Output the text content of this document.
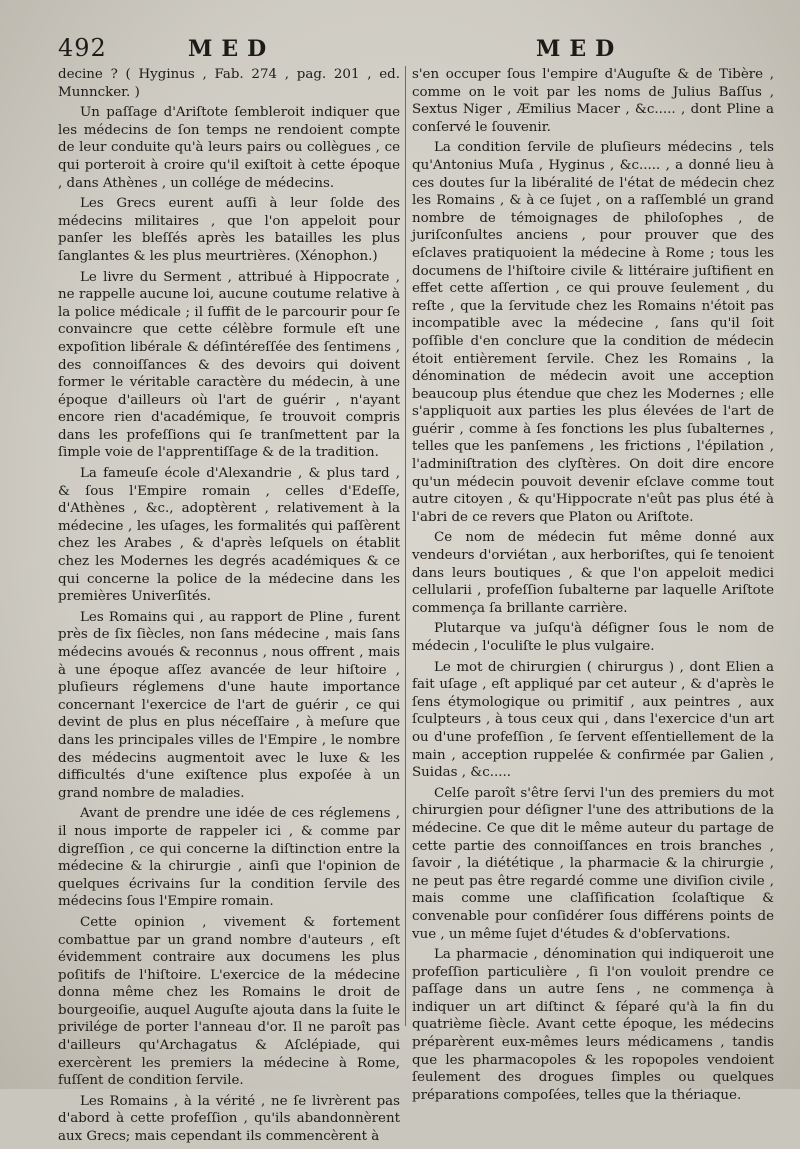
492	MED	MED

decine ? ( Hyginus , Fab. 274 , pag. 201 , ed. Munncker. )

Un paſſage d'Ariſtote ſembleroit indiquer que les médecins de ſon temps ne rendoient compte de leur conduite qu'à leurs pairs ou collègues , ce qui porteroit à croire qu'il exiſtoit à cette époque , dans Athènes , un collége de médecins.

Les Grecs eurent auſſi à leur ſolde des médecins militaires , que l'on appeloit pour panſer les bleſſés après les batailles les plus ſanglantes & les plus meurtrières. (Xénophon.)

Le livre du Serment , attribué à Hippocrate , ne rappelle aucune loi, aucune coutume relative à la police médicale ; il ſuffit de le parcourir pour ſe convaincre que cette célèbre formule eſt une expoſition libérale & déſintéreſſée des ſentimens , des connoiſſances & des devoirs qui doivent former le véritable caractère du médecin, à une époque d'ailleurs où l'art de guérir , n'ayant encore rien d'académique, ſe trouvoit compris dans les profeſſions qui ſe tranſmettent par la ſimple voie de l'apprentiſſage & de la tradition.

La fameuſe école d'Alexandrie , & plus tard , & ſous l'Empire romain , celles d'Edeſſe, d'Athènes , &c., adoptèrent , relativement à la médecine , les uſages, les formalités qui paſſèrent chez les Arabes , & d'après leſquels on établit chez les Modernes les degrés académiques & ce qui concerne la police de la médecine dans les premières Univerſités.

Les Romains qui , au rapport de Pline , furent près de ſix ſiècles, non ſans médecine , mais ſans médecins avoués & reconnus , nous offrent , mais à une époque aſſez avancée de leur hiſtoire , pluſieurs réglemens d'une haute importance concernant l'exercice de l'art de guérir , ce qui devint de plus en plus néceſſaire , à meſure que dans les principales villes de l'Empire , le nombre des médecins augmentoit avec le luxe & les difficultés d'une exiſtence plus expoſée à un grand nombre de maladies.

Avant de prendre une idée de ces réglemens , il nous importe de rappeler ici , & comme par digreſſion , ce qui concerne la diſtinction entre la médecine & la chirurgie , ainſi que l'opinion de quelques écrivains ſur la condition ſervile des médecins ſous l'Empire romain.

Cette opinion , vivement & fortement combattue par un grand nombre d'auteurs , eſt évidemment contraire aux documens les plus poſitifs de l'hiſtoire. L'exercice de la médecine donna même chez les Romains le droit de bourgeoiſie, auquel Auguſte ajouta dans la ſuite le privilége de porter l'anneau d'or. Il ne paroît pas d'ailleurs qu'Archagatus & Aſclépiade, qui exercèrent les premiers la médecine à Rome, fuſſent de condition ſervile.

Les Romains , à la vérité , ne ſe livrèrent pas d'abord à cette profeſſion , qu'ils abandonnèrent aux Grecs; mais cependant ils commencèrent à

s'en occuper ſous l'empire d'Auguſte & de Tibère , comme on le voit par les noms de Julius Baſſus , Sextus Niger , Æmilius Macer , &c..... , dont Pline a conſervé le ſouvenir.

La condition ſervile de pluſieurs médecins , tels qu'Antonius Muſa , Hyginus , &c..... , a donné lieu à ces doutes ſur la libéralité de l'état de médecin chez les Romains , & à ce ſujet , on a raſſemblé un grand nombre de témoignages de philoſophes , de juriſconſultes anciens , pour prouver que des eſclaves pratiquoient la médecine à Rome ; tous les documens de l'hiſtoire civile & littéraire juſtifient en effet cette aſſertion , ce qui prouve ſeulement , du reſte , que la ſervitude chez les Romains n'étoit pas incompatible avec la médecine , ſans qu'il ſoit poſſible d'en conclure que la condition de médecin étoit entièrement ſervile. Chez les Romains , la dénomination de médecin avoit une acception beaucoup plus étendue que chez les Modernes ; elle s'appliquoit aux parties les plus élevées de l'art de guérir , comme à ſes fonctions les plus ſubalternes , telles que les panſemens , les frictions , l'épilation , l'adminiſtration des clyſtères. On doit dire encore qu'un médecin pouvoit devenir eſclave comme tout autre citoyen , & qu'Hippocrate n'eût pas plus été à l'abri de ce revers que Platon ou Ariſtote.

Ce nom de médecin fut même donné aux vendeurs d'orviétan , aux herboriſtes, qui ſe tenoient dans leurs boutiques , & que l'on appeloit medici cellularii , profeſſion ſubalterne par laquelle Ariſtote commença ſa brillante carrière.

Plutarque va juſqu'à déſigner ſous le nom de médecin , l'oculiſte le plus vulgaire.

Le mot de chirurgien ( chirurgus ) , dont Elien a fait uſage , eſt appliqué par cet auteur , & d'après le ſens étymologique ou primitif , aux peintres , aux ſculpteurs , à tous ceux qui , dans l'exercice d'un art ou d'une profeſſion , ſe ſervent eſſentiellement de la main , acception ruppelée & confirmée par Galien , Suidas , &c.....

Celſe paroît s'être ſervi l'un des premiers du mot chirurgien pour déſigner l'une des attributions de la médecine. Ce que dit le même auteur du partage de cette partie des connoiſſances en trois branches , ſavoir , la diététique , la pharmacie & la chirurgie , ne peut pas être regardé comme une diviſion civile , mais comme une claſſification ſcolaſtique & convenable pour conſidérer ſous différens points de vue , un même ſujet d'études & d'obſervations.

La pharmacie , dénomination qui indiqueroit une profeſſion particulière , ſi l'on vouloit prendre ce paſſage dans un autre ſens , ne commença à indiquer un art diſtinct & ſéparé qu'à la fin du quatrième ſiècle. Avant cette époque, les médecins préparèrent eux-mêmes leurs médicamens , tandis que les pharmacopoles & les ropopoles vendoient ſeulement des drogues ſimples ou quelques préparations compoſées, telles que la thériaque.
